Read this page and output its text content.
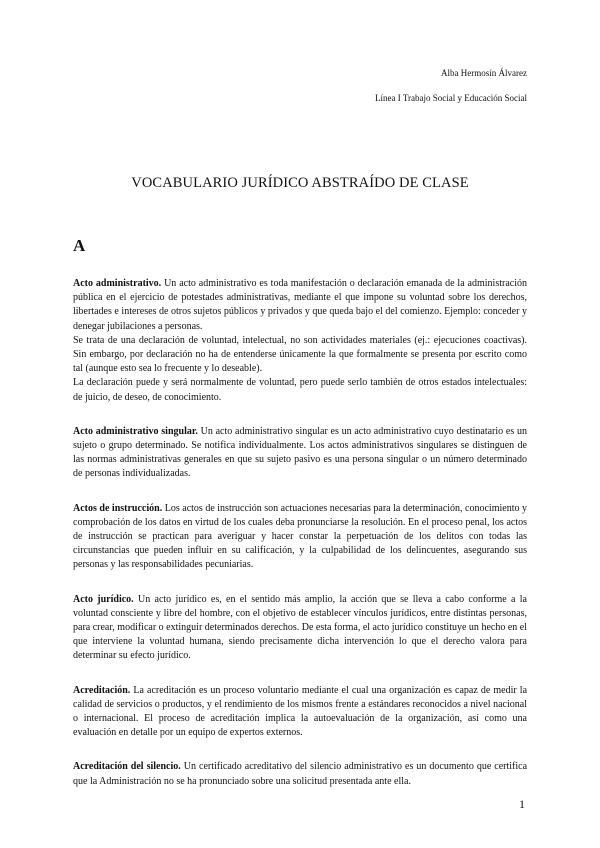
Alba Hermosín Álvarez
Línea I Trabajo Social y Educación Social
VOCABULARIO JURÍDICO ABSTRAÍDO DE CLASE
A

Acto administrativo. Un acto administrativo es toda manifestación o declaración emanada de la administración pública en el ejercicio de potestades administrativas, mediante el que impone su voluntad sobre los derechos, libertades e intereses de otros sujetos públicos y privados y que queda bajo el del comienzo. Ejemplo: conceder y denegar jubilaciones a personas.

Se trata de una declaración de voluntad, intelectual, no son actividades materiales (ej.: ejecuciones coactivas). Sin embargo, por declaración no ha de entenderse únicamente la que formalmente se presenta por escrito como tal (aunque esto sea lo frecuente y lo deseable).

La declaración puede y será normalmente de voluntad, pero puede serlo también de otros estados intelectuales: de juicio, de deseo, de conocimiento.

Acto administrativo singular. Un acto administrativo singular es un acto administrativo cuyo destinatario es un sujeto o grupo determinado. Se notifica individualmente. Los actos administrativos singulares se distinguen de las normas administrativas generales en que su sujeto pasivo es una persona singular o un número determinado de personas individualizadas.

Actos de instrucción. Los actos de instrucción son actuaciones necesarias para la determinación, conocimiento y comprobación de los datos en virtud de los cuales deba pronunciarse la resolución. En el proceso penal, los actos de instrucción se practican para averiguar y hacer constar la perpetuación de los delitos con todas las circunstancias que pueden influir en su calificación, y la culpabilidad de los delincuentes, asegurando sus personas y las responsabilidades pecuniarias.

Acto jurídico. Un acto jurídico es, en el sentido más amplio, la acción que se lleva a cabo conforme a la voluntad consciente y libre del hombre, con el objetivo de establecer vínculos jurídicos, entre distintas personas, para crear, modificar o extinguir determinados derechos. De esta forma, el acto jurídico constituye un hecho en el que interviene la voluntad humana, siendo precisamente dicha intervención lo que el derecho valora para determinar su efecto jurídico.

Acreditación. La acreditación es un proceso voluntario mediante el cual una organización es capaz de medir la calidad de servicios o productos, y el rendimiento de los mismos frente a estándares reconocidos a nivel nacional o internacional. El proceso de acreditación implica la autoevaluación de la organización, así como una evaluación en detalle por un equipo de expertos externos.

Acreditación del silencio. Un certificado acreditativo del silencio administrativo es un documento que certifica que la Administración no se ha pronunciado sobre una solicitud presentada ante ella.

1
